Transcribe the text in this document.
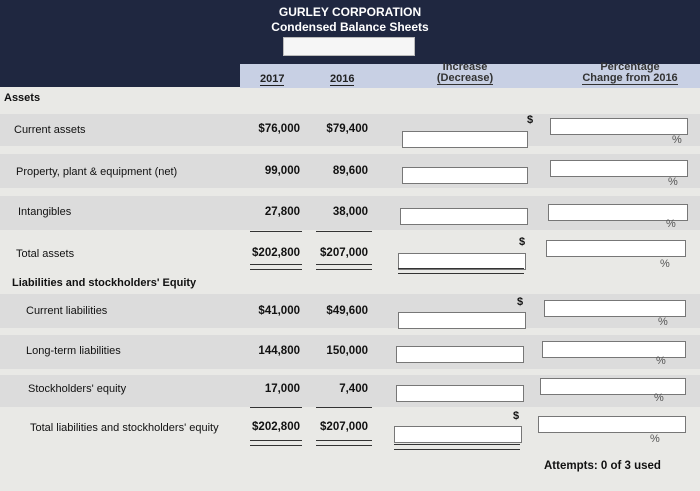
GURLEY CORPORATION
Condensed Balance Sheets
2017	2016
Increase
(Decrease)
Percentage
Change from 2016
Assets
Current assets	$76,000	$79,400
$
%
Property, plant & equipment (net)	99,000	89,600
%
Intangibles	27,800	38,000
%
Total assets	$202,800	$207,000
$
%
Liabilities and stockholders' Equity
Current liabilities	$41,000	$49,600
$
%
Long-term liabilities	144,800	150,000
%
Stockholders' equity	17,000	7,400
%
Total liabilities and stockholders' equity	$202,800	$207,000
$
%
Attempts: 0 of 3 used
